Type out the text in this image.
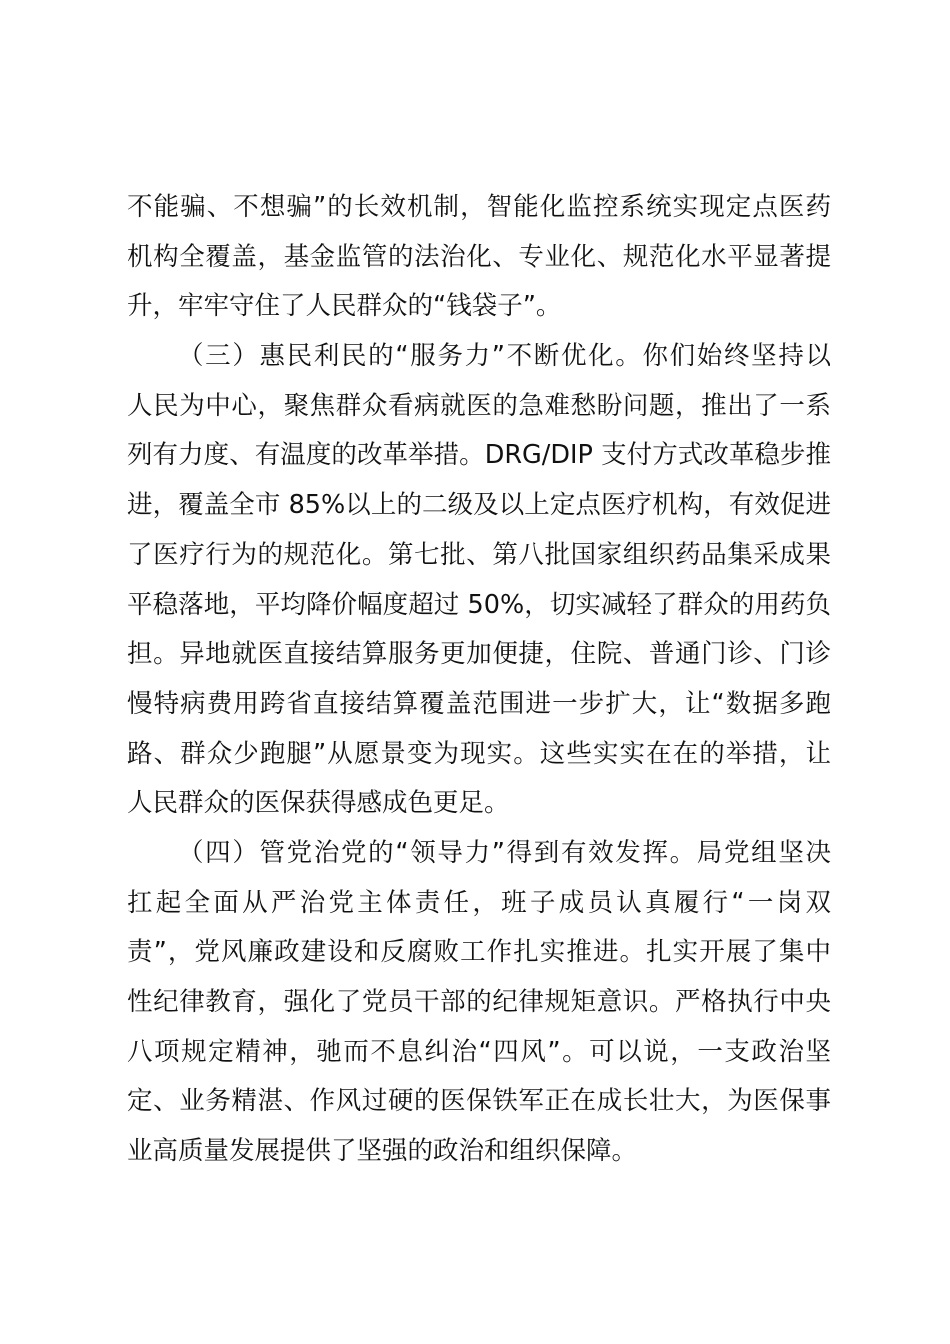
不能骗、不想骗”的长效机制，智能化监控系统实现定点医药
机构全覆盖，基金监管的法治化、专业化、规范化水平显著提
升，牢牢守住了人民群众的“钱袋子”。
（三）惠民利民的“服务力”不断优化。你们始终坚持以
人民为中心，聚焦群众看病就医的急难愁盼问题，推出了一系
列有力度、有温度的改革举措。DRG/DIP 支付方式改革稳步推
进，覆盖全市 85%以上的二级及以上定点医疗机构，有效促进
了医疗行为的规范化。第七批、第八批国家组织药品集采成果
平稳落地，平均降价幅度超过 50%，切实减轻了群众的用药负
担。异地就医直接结算服务更加便捷，住院、普通门诊、门诊
慢特病费用跨省直接结算覆盖范围进一步扩大，让“数据多跑
路、群众少跑腿”从愿景变为现实。这些实实在在的举措，让
人民群众的医保获得感成色更足。
（四）管党治党的“领导力”得到有效发挥。局党组坚决
扛起全面从严治党主体责任，班子成员认真履行“一岗双
责”，党风廉政建设和反腐败工作扎实推进。扎实开展了集中
性纪律教育，强化了党员干部的纪律规矩意识。严格执行中央
八项规定精神，驰而不息纠治“四风”。可以说，一支政治坚
定、业务精湛、作风过硬的医保铁军正在成长壮大，为医保事
业高质量发展提供了坚强的政治和组织保障。
